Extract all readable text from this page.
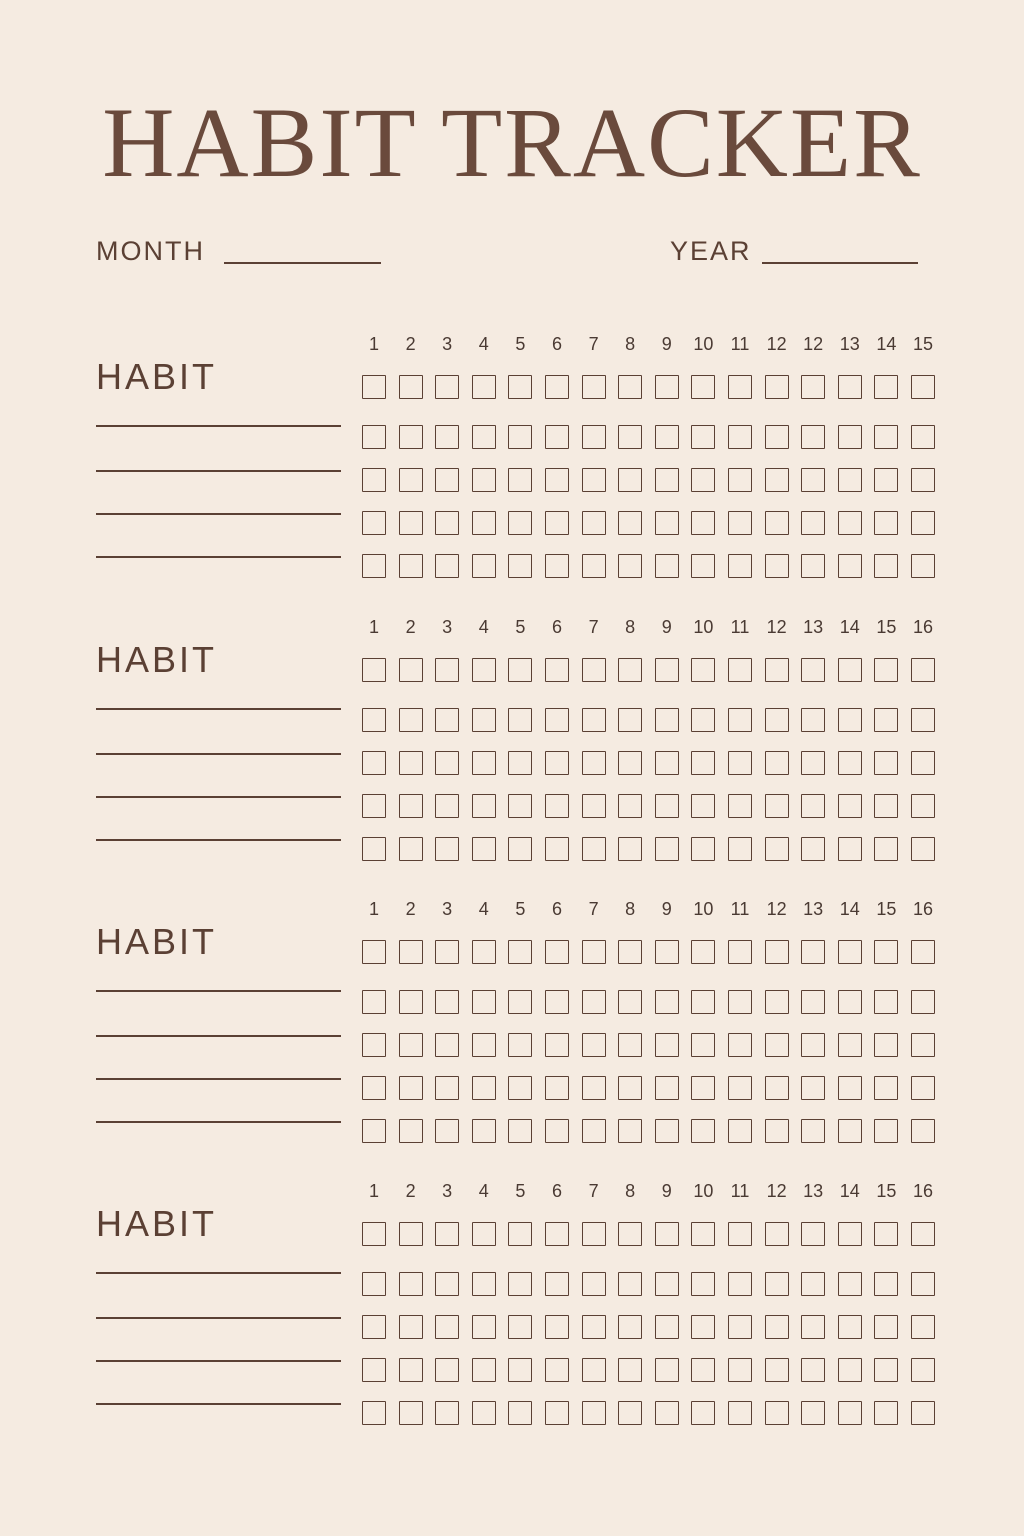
HABIT TRACKER
MONTH	YEAR
HABIT
1	2	3	4	5	6	7	8	9	10 11 12 12 13 14 15
HABIT
1	2	3	4	5	6	7	8	9	10 11 12 13 14 15 16
HABIT
1	2	3	4	5	6	7	8	9	10 11 12 13 14 15 16
HABIT
1	2	3	4	5	6	7	8	9	10 11 12 13 14 15 16
